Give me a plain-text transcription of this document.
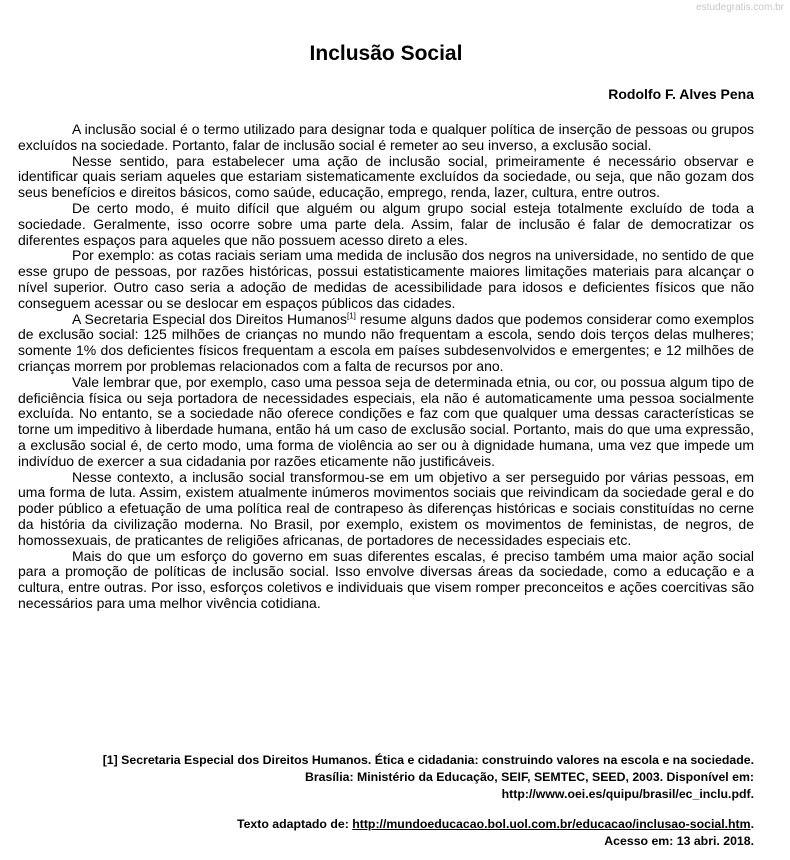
estudegratis.com.br
Inclusão Social
Rodolfo F. Alves Pena

A inclusão social é o termo utilizado para designar toda e qualquer política de inserção de pessoas ou grupos excluídos na sociedade. Portanto, falar de inclusão social é remeter ao seu inverso, a exclusão social.

Nesse sentido, para estabelecer uma ação de inclusão social, primeiramente é necessário observar e identificar quais seriam aqueles que estariam sistematicamente excluídos da sociedade, ou seja, que não gozam dos seus benefícios e direitos básicos, como saúde, educação, emprego, renda, lazer, cultura, entre outros.

De certo modo, é muito difícil que alguém ou algum grupo social esteja totalmente excluído de toda a sociedade. Geralmente, isso ocorre sobre uma parte dela. Assim, falar de inclusão é falar de democratizar os diferentes espaços para aqueles que não possuem acesso direto a eles.

Por exemplo: as cotas raciais seriam uma medida de inclusão dos negros na universidade, no sentido de que esse grupo de pessoas, por razões históricas, possui estatisticamente maiores limitações materiais para alcançar o nível superior. Outro caso seria a adoção de medidas de acessibilidade para idosos e deficientes físicos que não conseguem acessar ou se deslocar em espaços públicos das cidades.

A Secretaria Especial dos Direitos Humanos[1] resume alguns dados que podemos considerar como exemplos de exclusão social: 125 milhões de crianças no mundo não frequentam a escola, sendo dois terços delas mulheres; somente 1% dos deficientes físicos frequentam a escola em países subdesenvolvidos e emergentes; e 12 milhões de crianças morrem por problemas relacionados com a falta de recursos por ano.

Vale lembrar que, por exemplo, caso uma pessoa seja de determinada etnia, ou cor, ou possua algum tipo de deficiência física ou seja portadora de necessidades especiais, ela não é automaticamente uma pessoa socialmente excluída. No entanto, se a sociedade não oferece condições e faz com que qualquer uma dessas características se torne um impeditivo à liberdade humana, então há um caso de exclusão social. Portanto, mais do que uma expressão, a exclusão social é, de certo modo, uma forma de violência ao ser ou à dignidade humana, uma vez que impede um indivíduo de exercer a sua cidadania por razões eticamente não justificáveis.

Nesse contexto, a inclusão social transformou-se em um objetivo a ser perseguido por várias pessoas, em uma forma de luta. Assim, existem atualmente inúmeros movimentos sociais que reivindicam da sociedade geral e do poder público a efetuação de uma política real de contrapeso às diferenças históricas e sociais constituídas no cerne da história da civilização moderna. No Brasil, por exemplo, existem os movimentos de feministas, de negros, de homossexuais, de praticantes de religiões africanas, de portadores de necessidades especiais etc.

Mais do que um esforço do governo em suas diferentes escalas, é preciso também uma maior ação social para a promoção de políticas de inclusão social. Isso envolve diversas áreas da sociedade, como a educação e a cultura, entre outras. Por isso, esforços coletivos e individuais que visem romper preconceitos e ações coercitivas são necessários para uma melhor vivência cotidiana.

[1] Secretaria Especial dos Direitos Humanos. Ética e cidadania: construindo valores na escola e na sociedade.
Brasília: Ministério da Educação, SEIF, SEMTEC, SEED, 2003. Disponível em:
http://www.oei.es/quipu/brasil/ec_inclu.pdf.
Texto adaptado de: http://mundoeducacao.bol.uol.com.br/educacao/inclusao-social.htm.
Acesso em: 13 abri. 2018.
